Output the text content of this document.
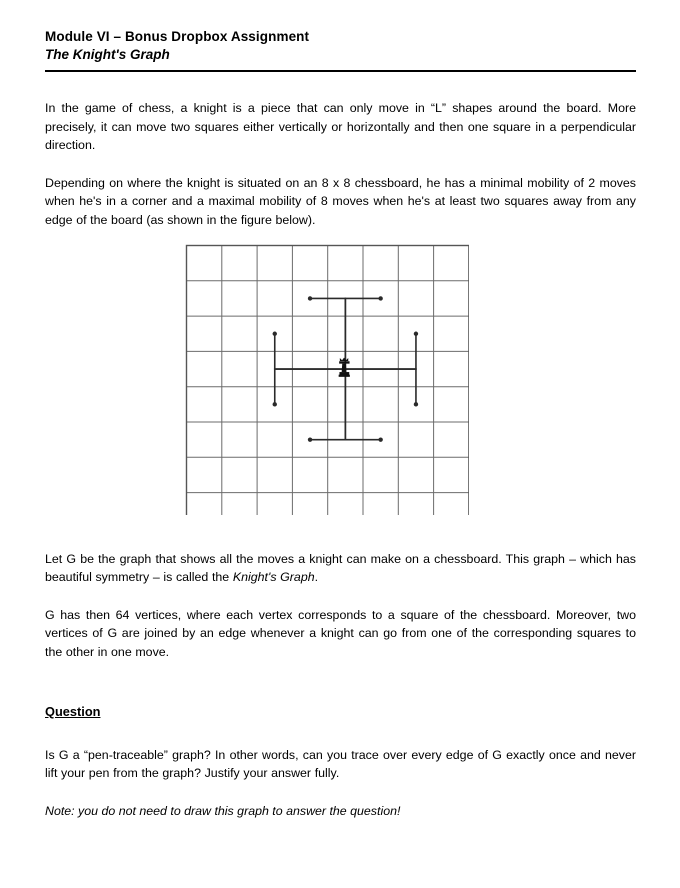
Module VI – Bonus Dropbox Assignment
The Knight's Graph

In the game of chess, a knight is a piece that can only move in “L” shapes around the board. More precisely, it can move two squares either vertically or horizontally and then one square in a perpendicular direction.

Depending on where the knight is situated on an 8 x 8 chessboard, he has a minimal mobility of 2 moves when he's in a corner and a maximal mobility of 8 moves when he's at least two squares away from any edge of the board (as shown in the figure below).

Let G be the graph that shows all the moves a knight can make on a chessboard. This graph – which has beautiful symmetry – is called the Knight's Graph.

G has then 64 vertices, where each vertex corresponds to a square of the chessboard. Moreover, two vertices of G are joined by an edge whenever a knight can go from one of the corresponding squares to the other in one move.

Question

Is G a “pen-traceable” graph? In other words, can you trace over every edge of G exactly once and never lift your pen from the graph? Justify your answer fully.

Note: you do not need to draw this graph to answer the question!
